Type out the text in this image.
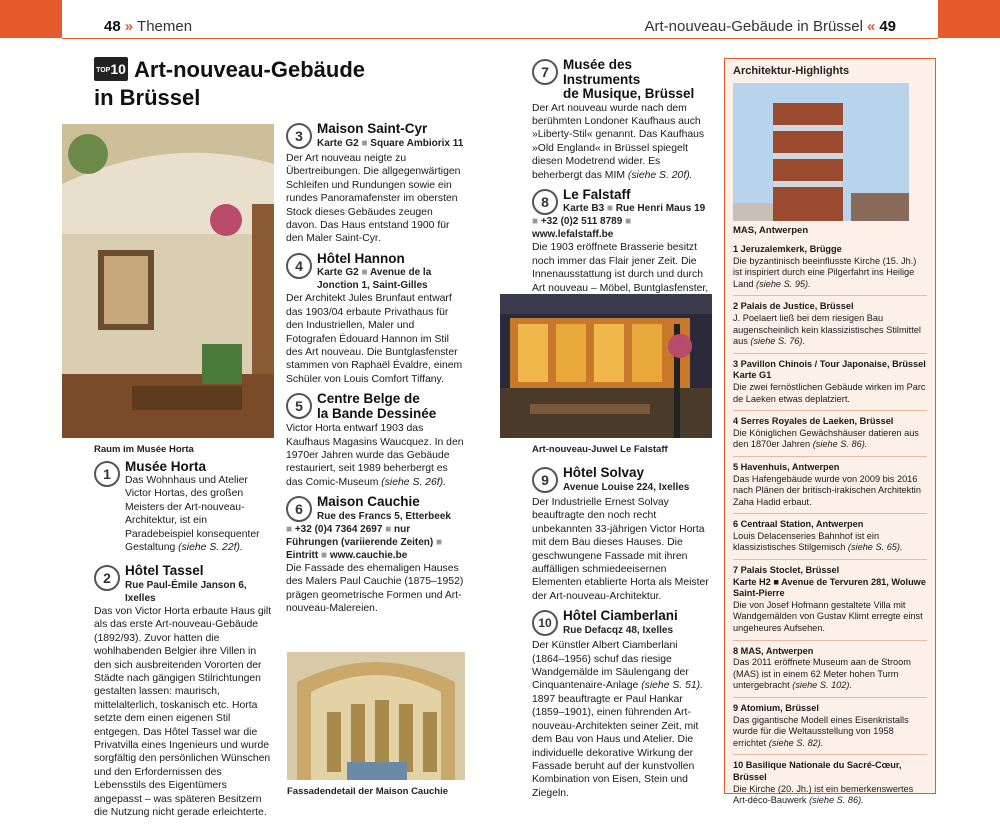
48 » Themen	Art-nouveau-Gebäude in Brüssel « 49
TOP10 Art-nouveau-Gebäude
in Brüssel
Raum im Musée Horta
1	Musée Horta

Das Wohnhaus und Atelier Victor Hortas, des großen Meisters der Art-nouveau-Architektur, ist ein Paradebeispiel konsequenter Gestaltung (siehe S. 22f).

2	Hôtel Tassel
Rue Paul-Émile Janson 6, Ixelles

Das von Victor Horta erbaute Haus gilt als das erste Art-nouveau-Gebäude (1892/93). Zuvor hatten die wohlhabenden Belgier ihre Villen in den sich ausbreitenden Vororten der Städte nach gängigen Stilrichtungen gestalten lassen: maurisch, mittelalterlich, toskanisch etc. Horta setzte dem einen eigenen Stil entgegen. Das Hôtel Tassel war die Privatvilla eines Ingenieurs und wurde sorgfältig den persönlichen Wünschen und den Erfordernissen des Lebensstils des Eigentümers angepasst – was späteren Besitzern die Nutzung nicht gerade erleichterte.

3	Maison Saint-Cyr
Karte G2 ■ Square Ambiorix 11

Der Art nouveau neigte zu Übertreibungen. Die allgegenwärtigen Schleifen und Rundungen sowie ein rundes Panoramafenster im obersten Stock dieses Gebäudes zeugen davon. Das Haus entstand 1900 für den Maler Saint-Cyr.

4	Hôtel Hannon
Karte G2 ■ Avenue de la Jonction 1, Saint-Gilles

Der Architekt Jules Brunfaut entwarf das 1903/04 erbaute Privathaus für den Industriellen, Maler und Fotografen Édouard Hannon im Stil des Art nouveau. Die Buntglasfenster stammen von Raphaël Évaldre, einem Schüler von Louis Comfort Tiffany.

5	Centre Belge de
la Bande Dessinée

Victor Horta entwarf 1903 das Kaufhaus Magasins Waucquez. In den 1970er Jahren wurde das Gebäude restauriert, seit 1989 beherbergt es das Comic-Museum (siehe S. 26f).

6	Maison Cauchie
Rue des Francs 5, Etterbeek
■ +32 (0)4 7364 2697 ■ nur Führungen (variierende Zeiten) ■ Eintritt ■ www.cauchie.be

Die Fassade des ehemaligen Hauses des Malers Paul Cauchie (1875–1952) prägen geometrische Formen und Art-nouveau-Malereien.

Fassadendetail der Maison Cauchie
7	Musée des Instruments
de Musique, Brüssel

Der Art nouveau wurde nach dem berühmten Londoner Kaufhaus auch »Liberty-Stil« genannt. Das Kaufhaus »Old England« in Brüssel spiegelt diesen Modetrend wider. Es beherbergt das MIM (siehe S. 20f).

8	Le Falstaff
Karte B3 ■ Rue Henri Maus 19
■ +32 (0)2 511 8789 ■ www.lefalstaff.be

Die 1903 eröffnete Brasserie besitzt noch immer das Flair jener Zeit. Die Innenausstattung ist durch und durch Art nouveau – Möbel, Buntglasfenster,

Art-nouveau-Juwel Le Falstaff
9	Hôtel Solvay
Avenue Louise 224, Ixelles

Der Industrielle Ernest Solvay beauftragte den noch recht unbekannten 33-jährigen Victor Horta mit dem Bau dieses Hauses. Die geschwungene Fassade mit ihren auffälligen schmiedeeisernen Elementen etablierte Horta als Meister der Art-nouveau-Architektur.

10 Hôtel Ciamberlani
Rue Defacqz 48, Ixelles

Der Künstler Albert Ciamberlani (1864–1956) schuf das riesige Wandgemälde im Säulengang der Cinquantenaire-Anlage (siehe S. 51). 1897 beauftragte er Paul Hankar (1859–1901), einen führenden Art-nouveau-Architekten seiner Zeit, mit dem Bau von Haus und Atelier. Die individuelle dekorative Wirkung der Fassade beruht auf der kunstvollen Kombination von Eisen, Stein und Ziegeln.

Architektur-Highlights
MAS, Antwerpen
1 Jeruzalemkerk, Brügge
Die byzantinisch beeinflusste Kirche (15. Jh.) ist inspiriert durch eine Pilgerfahrt ins Heilige Land (siehe S. 95).
2 Palais de Justice, Brüssel
J. Poelaert ließ bei dem riesigen Bau augenscheinlich kein klassizistisches Stilmittel aus (siehe S. 76).
3 Pavillon Chinois / Tour Japonaise, Brüssel
Karte G1
Die zwei fernöstlichen Gebäude wirken im Parc de Laeken etwas deplatziert.
4 Serres Royales de Laeken, Brüssel
Die Königlichen Gewächshäuser datieren aus den 1870er Jahren (siehe S. 86).
5 Havenhuis, Antwerpen
Das Hafengebäude wurde von 2009 bis 2016 nach Plänen der britisch-irakischen Architektin Zaha Hadid erbaut.
6 Centraal Station, Antwerpen
Louis Delacenseries Bahnhof ist ein klassizistisches Stilgemisch (siehe S. 65).
7 Palais Stoclet, Brüssel
Karte H2 ■ Avenue de Tervuren 281, Woluwe Saint-Pierre
Die von Josef Hofmann gestaltete Villa mit Wandgemälden von Gustav Klimt erregte einst ungeheures Aufsehen.
8 MAS, Antwerpen
Das 2011 eröffnete Museum aan de Stroom (MAS) ist in einem 62 Meter hohen Turm untergebracht (siehe S. 102).
9 Atomium, Brüssel
Das gigantische Modell eines Eisenkristalls wurde für die Weltausstellung von 1958 errichtet (siehe S. 82).
10 Basilique Nationale du Sacré-Cœur, Brüssel
Die Kirche (20. Jh.) ist ein bemerkenswertes Art-déco-Bauwerk (siehe S. 86).
